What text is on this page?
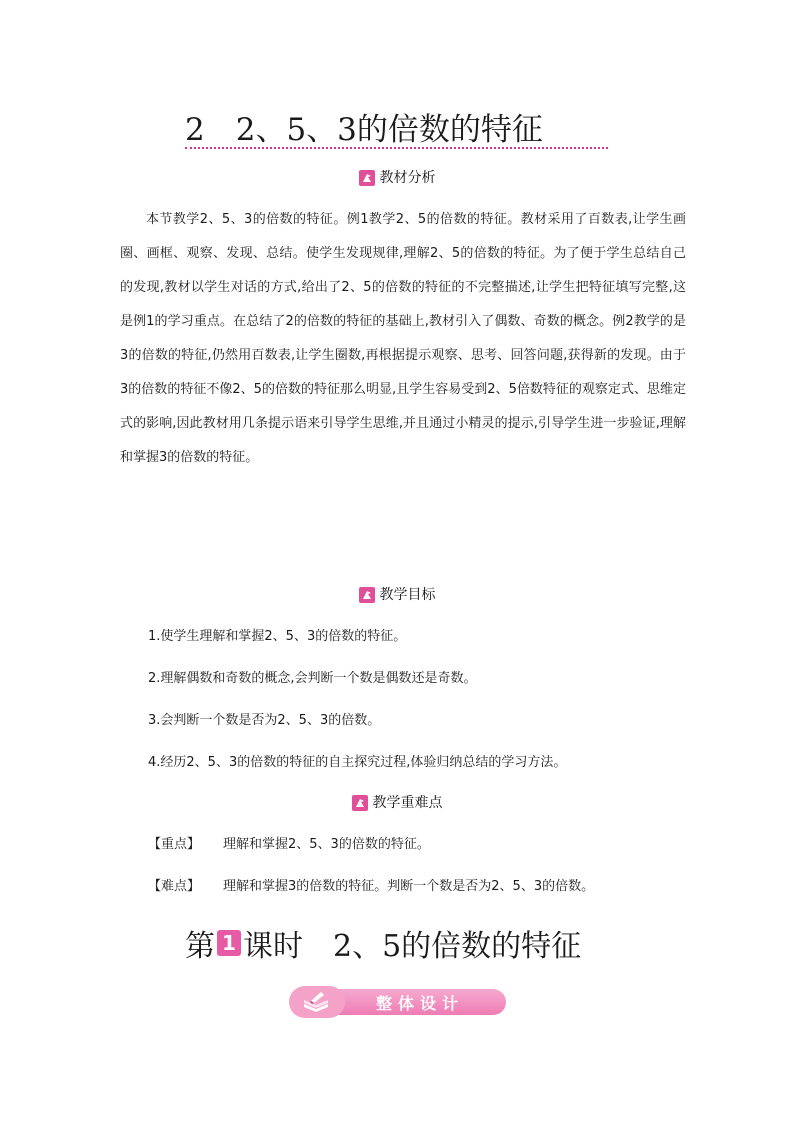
2　2、5、3的倍数的特征
教材分析

本节教学2、5、3的倍数的特征。例1教学2、5的倍数的特征。教材采用了百数表,让学生画圈、画框、观察、发现、总结。使学生发现规律,理解2、5的倍数的特征。为了便于学生总结自己的发现,教材以学生对话的方式,给出了2、5的倍数的特征的不完整描述,让学生把特征填写完整,这是例1的学习重点。在总结了2的倍数的特征的基础上,教材引入了偶数、奇数的概念。例2教学的是3的倍数的特征,仍然用百数表,让学生圈数,再根据提示观察、思考、回答问题,获得新的发现。由于3的倍数的特征不像2、5的倍数的特征那么明显,且学生容易受到2、5倍数特征的观察定式、思维定式的影响,因此教材用几条提示语来引导学生思维,并且通过小精灵的提示,引导学生进一步验证,理解和掌握3的倍数的特征。

教学目标
1.使学生理解和掌握2、5、3的倍数的特征。
2.理解偶数和奇数的概念,会判断一个数是偶数还是奇数。
3.会判断一个数是否为2、5、3的倍数。
4.经历2、5、3的倍数的特征的自主探究过程,体验归纳总结的学习方法。
教学重难点
【重点】	理解和掌握2、5、3的倍数的特征。
【难点】	理解和掌握3的倍数的特征。判断一个数是否为2、5、3的倍数。
第 1 课时　2、5的倍数的特征
整体设计
